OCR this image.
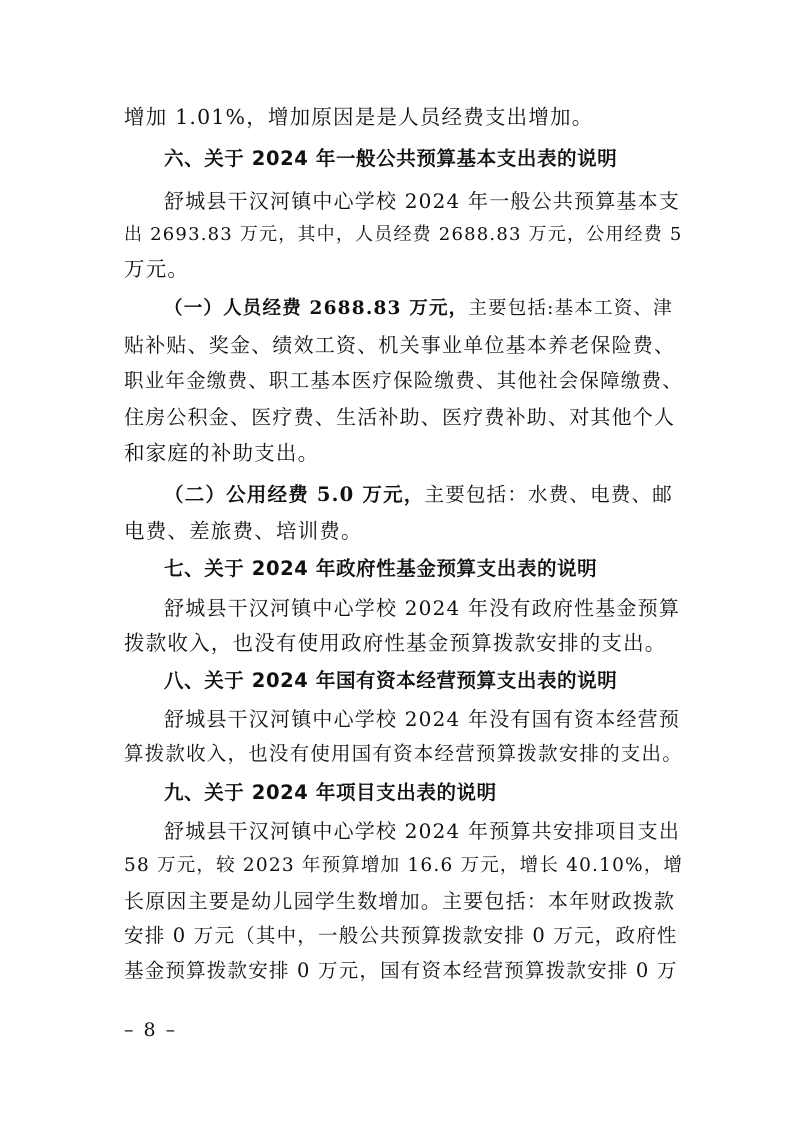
增加 1.01%，增加原因是是人员经费支出增加。
六、关于 2024 年一般公共预算基本支出表的说明
舒城县干汉河镇中心学校 2024 年一般公共预算基本支
出 2693.83 万元，其中，人员经费 2688.83 万元，公用经费 5
万元。
（一）人员经费 2688.83 万元，主要包括:基本工资、津
贴补贴、奖金、绩效工资、机关事业单位基本养老保险费、
职业年金缴费、职工基本医疗保险缴费、其他社会保障缴费、
住房公积金、医疗费、生活补助、医疗费补助、对其他个人
和家庭的补助支出。
（二）公用经费 5.0 万元，主要包括：水费、电费、邮
电费、差旅费、培训费。
七、关于 2024 年政府性基金预算支出表的说明
舒城县干汉河镇中心学校 2024 年没有政府性基金预算
拨款收入，也没有使用政府性基金预算拨款安排的支出。
八、关于 2024 年国有资本经营预算支出表的说明
舒城县干汉河镇中心学校 2024 年没有国有资本经营预
算拨款收入，也没有使用国有资本经营预算拨款安排的支出。
九、关于 2024 年项目支出表的说明
舒城县干汉河镇中心学校 2024 年预算共安排项目支出
58 万元，较 2023 年预算增加 16.6 万元，增长 40.10%，增
长原因主要是幼儿园学生数增加。主要包括：本年财政拨款
安排 0 万元（其中，一般公共预算拨款安排 0 万元，政府性
基金预算拨款安排 0 万元，国有资本经营预算拨款安排 0 万
– 8 –
